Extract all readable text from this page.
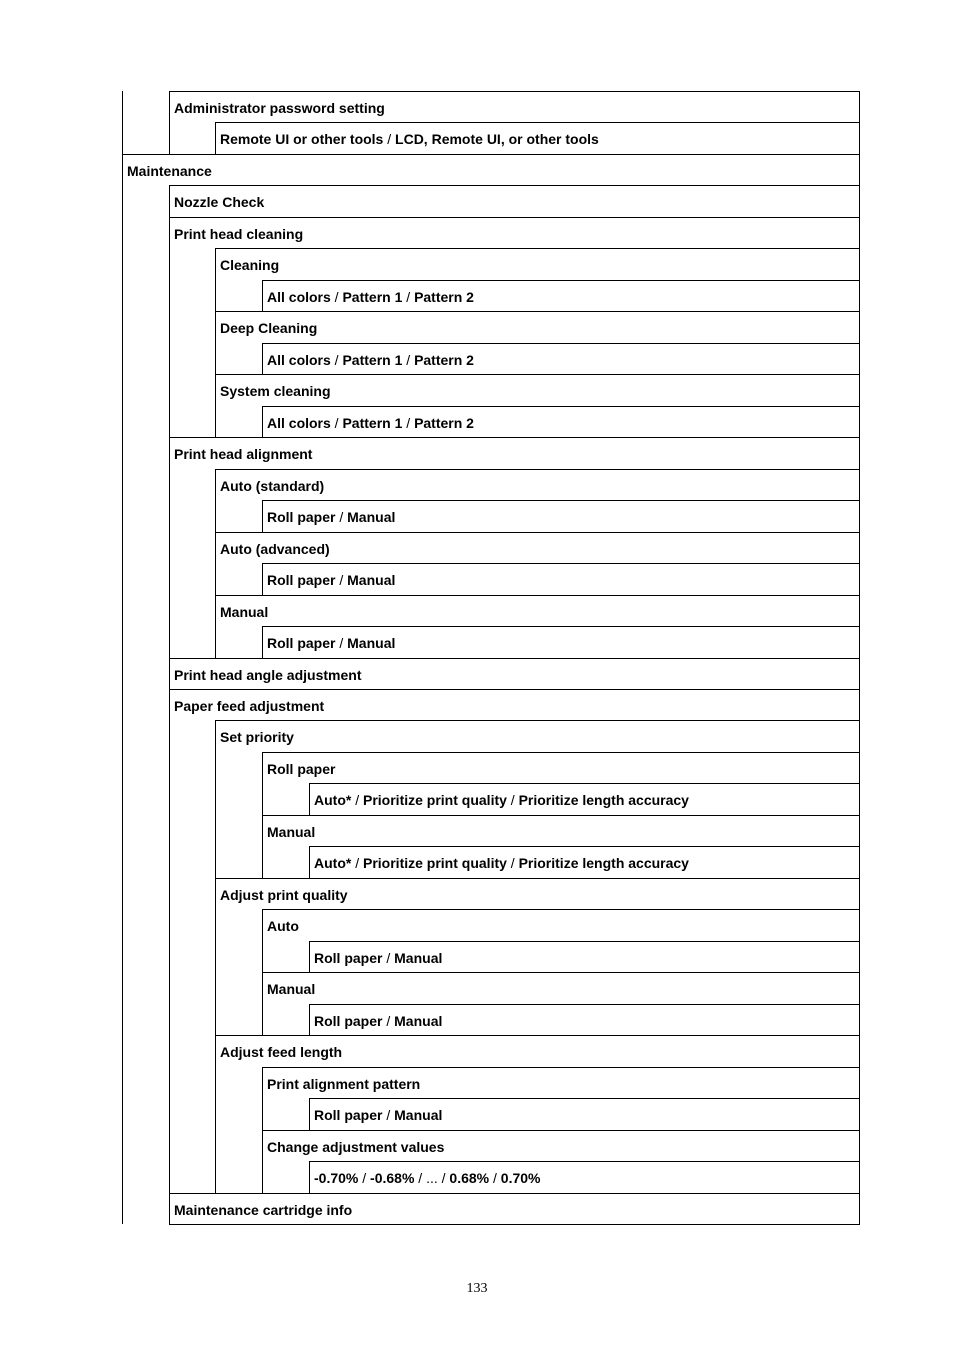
Administrator password setting
Remote UI or other tools / LCD, Remote UI, or other tools
Maintenance
Nozzle Check
Print head cleaning
Cleaning
All colors / Pattern 1 / Pattern 2
Deep Cleaning
All colors / Pattern 1 / Pattern 2
System cleaning
All colors / Pattern 1 / Pattern 2
Print head alignment
Auto (standard)
Roll paper / Manual
Auto (advanced)
Roll paper / Manual
Manual
Roll paper / Manual
Print head angle adjustment
Paper feed adjustment
Set priority
Roll paper
Auto* / Prioritize print quality / Prioritize length accuracy
Manual
Auto* / Prioritize print quality / Prioritize length accuracy
Adjust print quality
Auto
Roll paper / Manual
Manual
Roll paper / Manual
Adjust feed length
Print alignment pattern
Roll paper / Manual
Change adjustment values
-0.70% / -0.68% / ... / 0.68% / 0.70%
Maintenance cartridge info
133
